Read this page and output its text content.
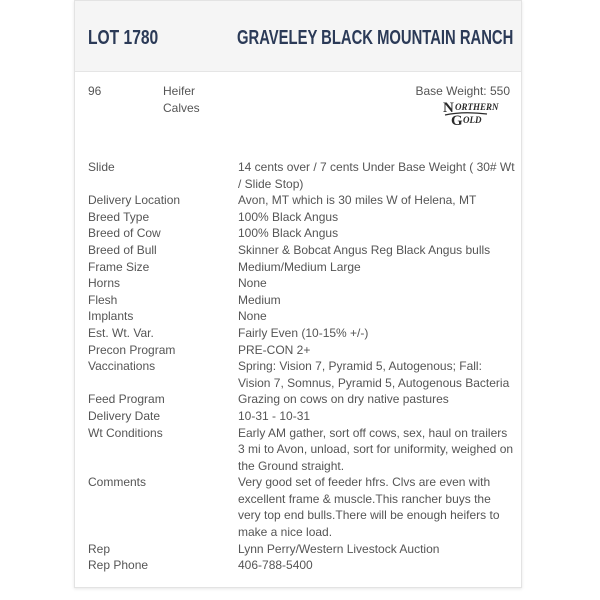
LOT 1780	GRAVELEY BLACK MOUNTAIN RANCH
96	Heifer Calves
Base Weight: 550
N ORTHERN
G OLD
Slide	14 cents over / 7 cents Under Base Weight ( 30# Wt / Slide Stop)
Delivery Location	Avon, MT which is 30 miles W of Helena, MT
Breed Type	100% Black Angus
Breed of Cow	100% Black Angus
Breed of Bull	Skinner & Bobcat Angus Reg Black Angus bulls
Frame Size	Medium/Medium Large
Horns	None
Flesh	Medium
Implants	None
Est. Wt. Var.	Fairly Even (10-15% +/-)
Precon Program	PRE-CON 2+
Vaccinations	Spring: Vision 7, Pyramid 5, Autogenous; Fall: Vision 7, Somnus, Pyramid 5, Autogenous Bacteria
Feed Program	Grazing on cows on dry native pastures
Delivery Date	10-31 - 10-31
Wt Conditions	Early AM gather, sort off cows, sex, haul on trailers 3 mi to Avon, unload, sort for uniformity, weighed on the Ground straight.
Comments	Very good set of feeder hfrs. Clvs are even with excellent frame & muscle.This rancher buys the very top end bulls.There will be enough heifers to make a nice load.
Rep	Lynn Perry/Western Livestock Auction
Rep Phone	406-788-5400
